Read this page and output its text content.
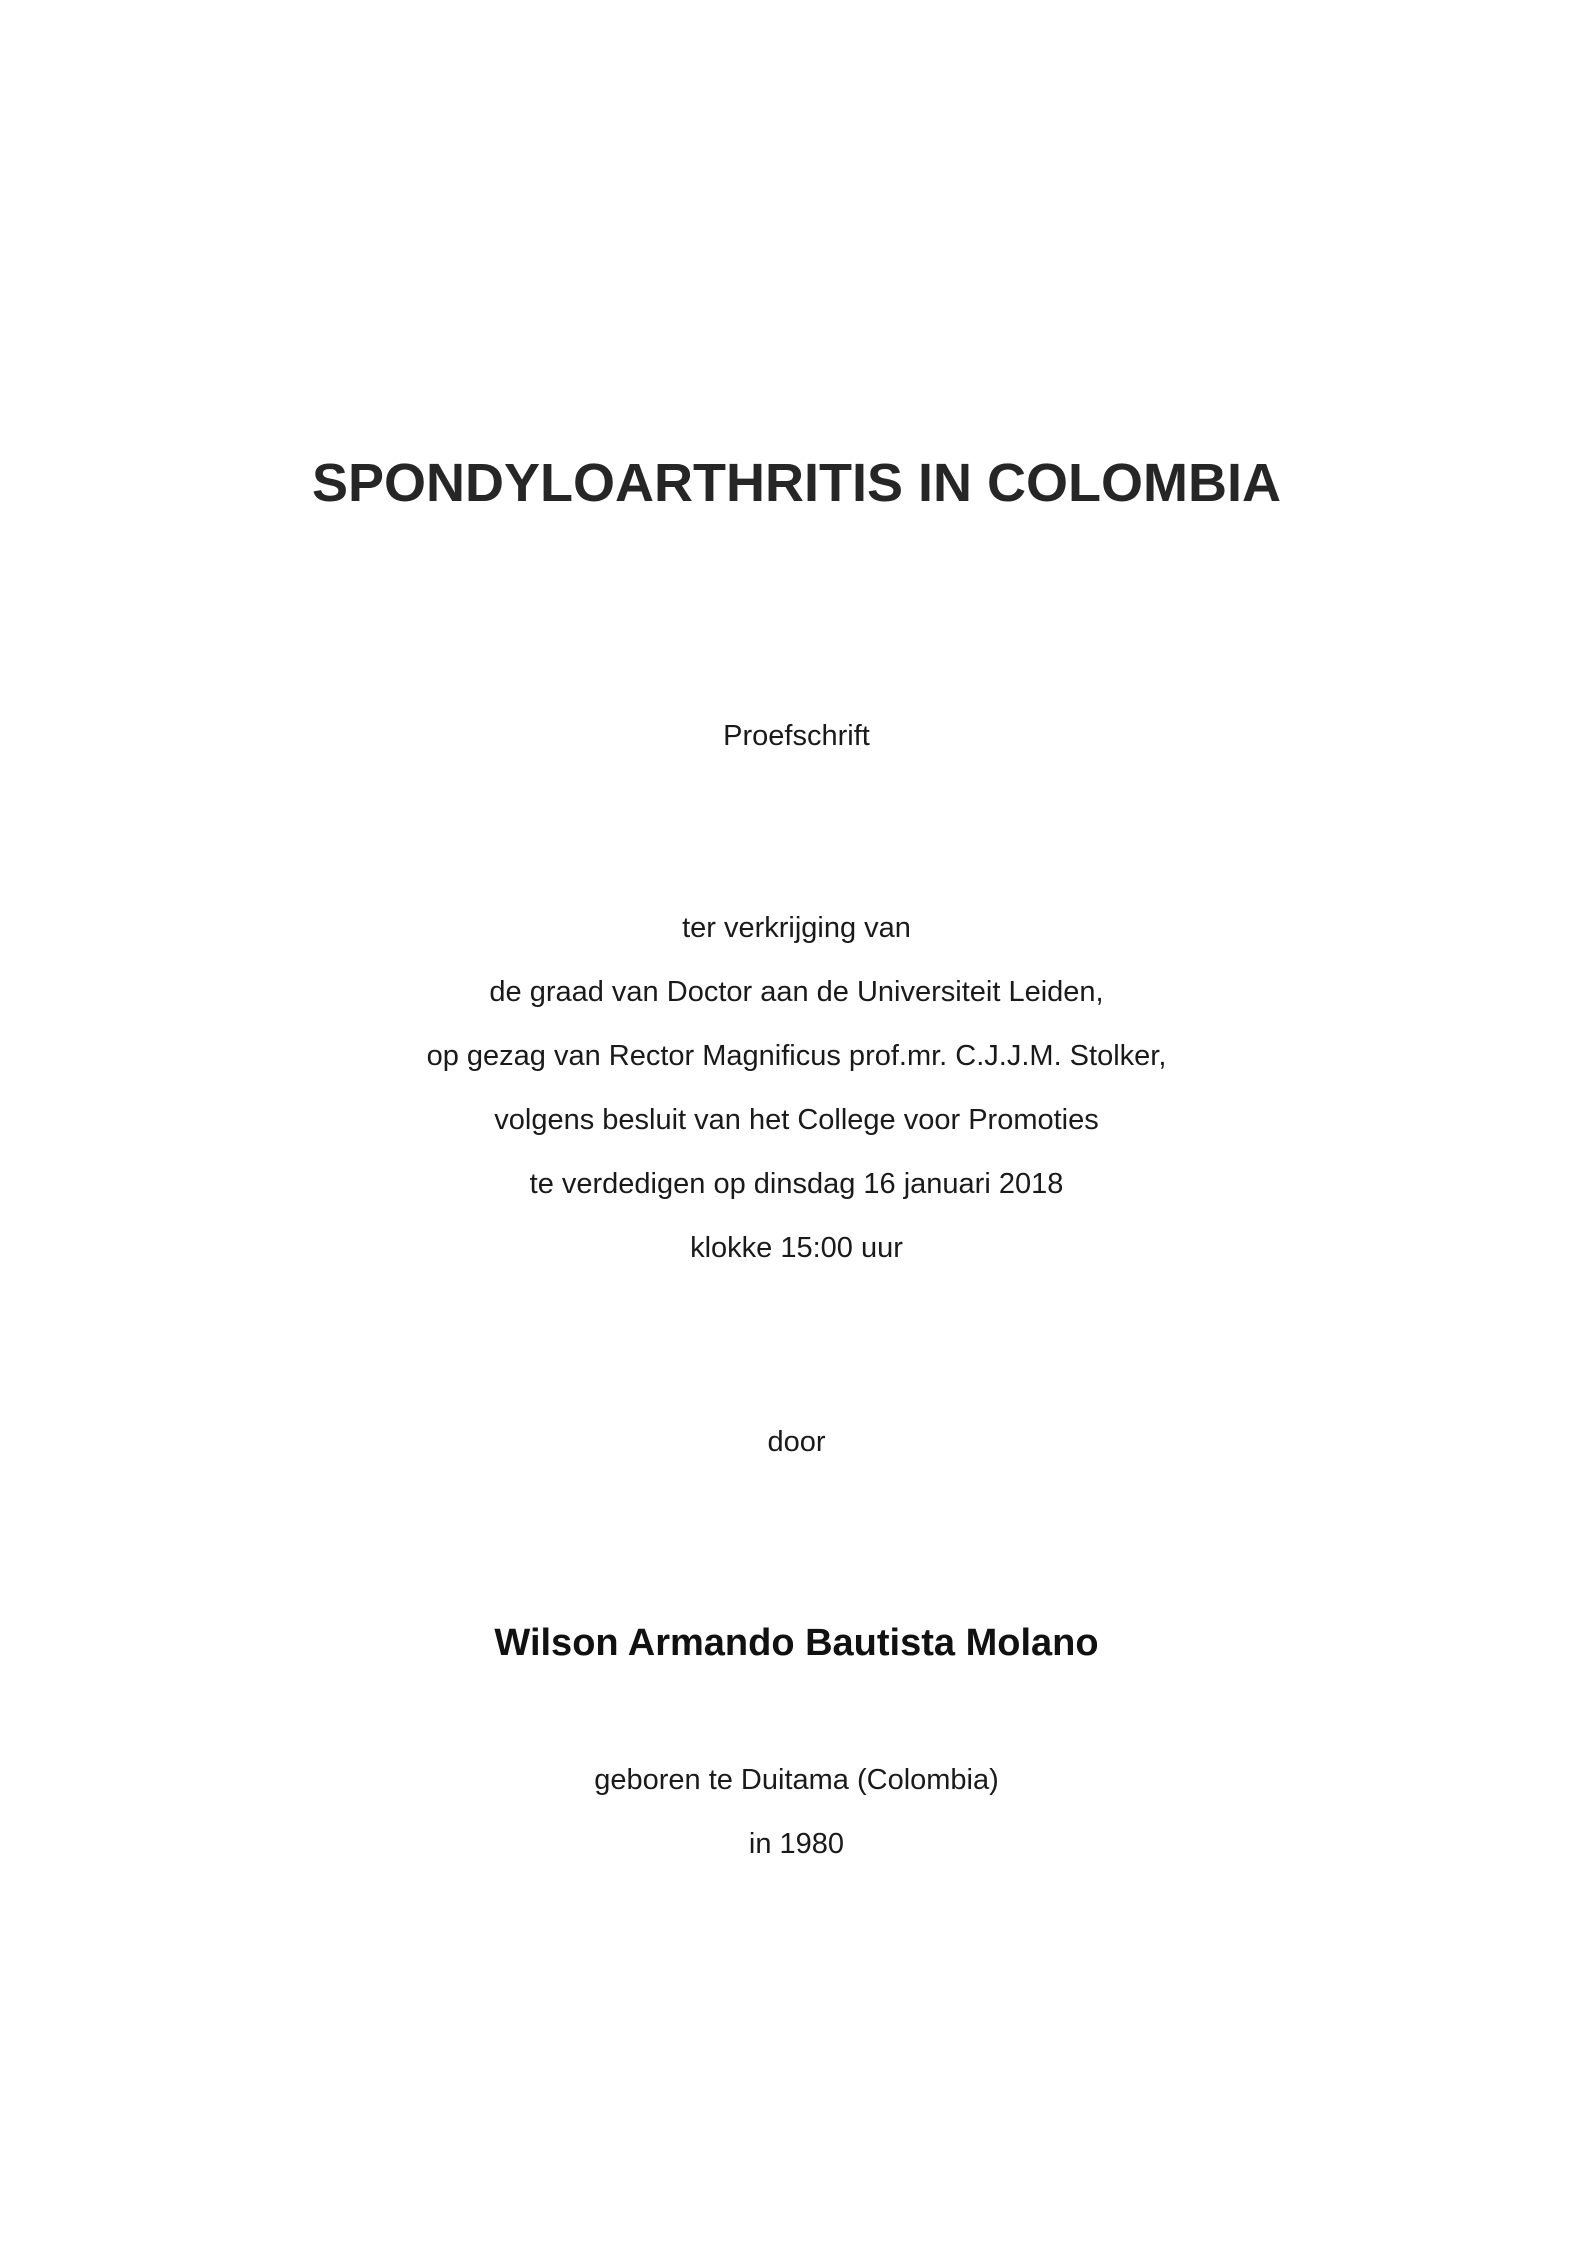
SPONDYLOARTHRITIS IN COLOMBIA
Proefschrift
ter verkrijging van
de graad van Doctor aan de Universiteit Leiden,
op gezag van Rector Magnificus prof.mr. C.J.J.M. Stolker,
volgens besluit van het College voor Promoties
te verdedigen op dinsdag 16 januari 2018
klokke 15:00 uur
door
Wilson Armando Bautista Molano
geboren te Duitama (Colombia)
in 1980
